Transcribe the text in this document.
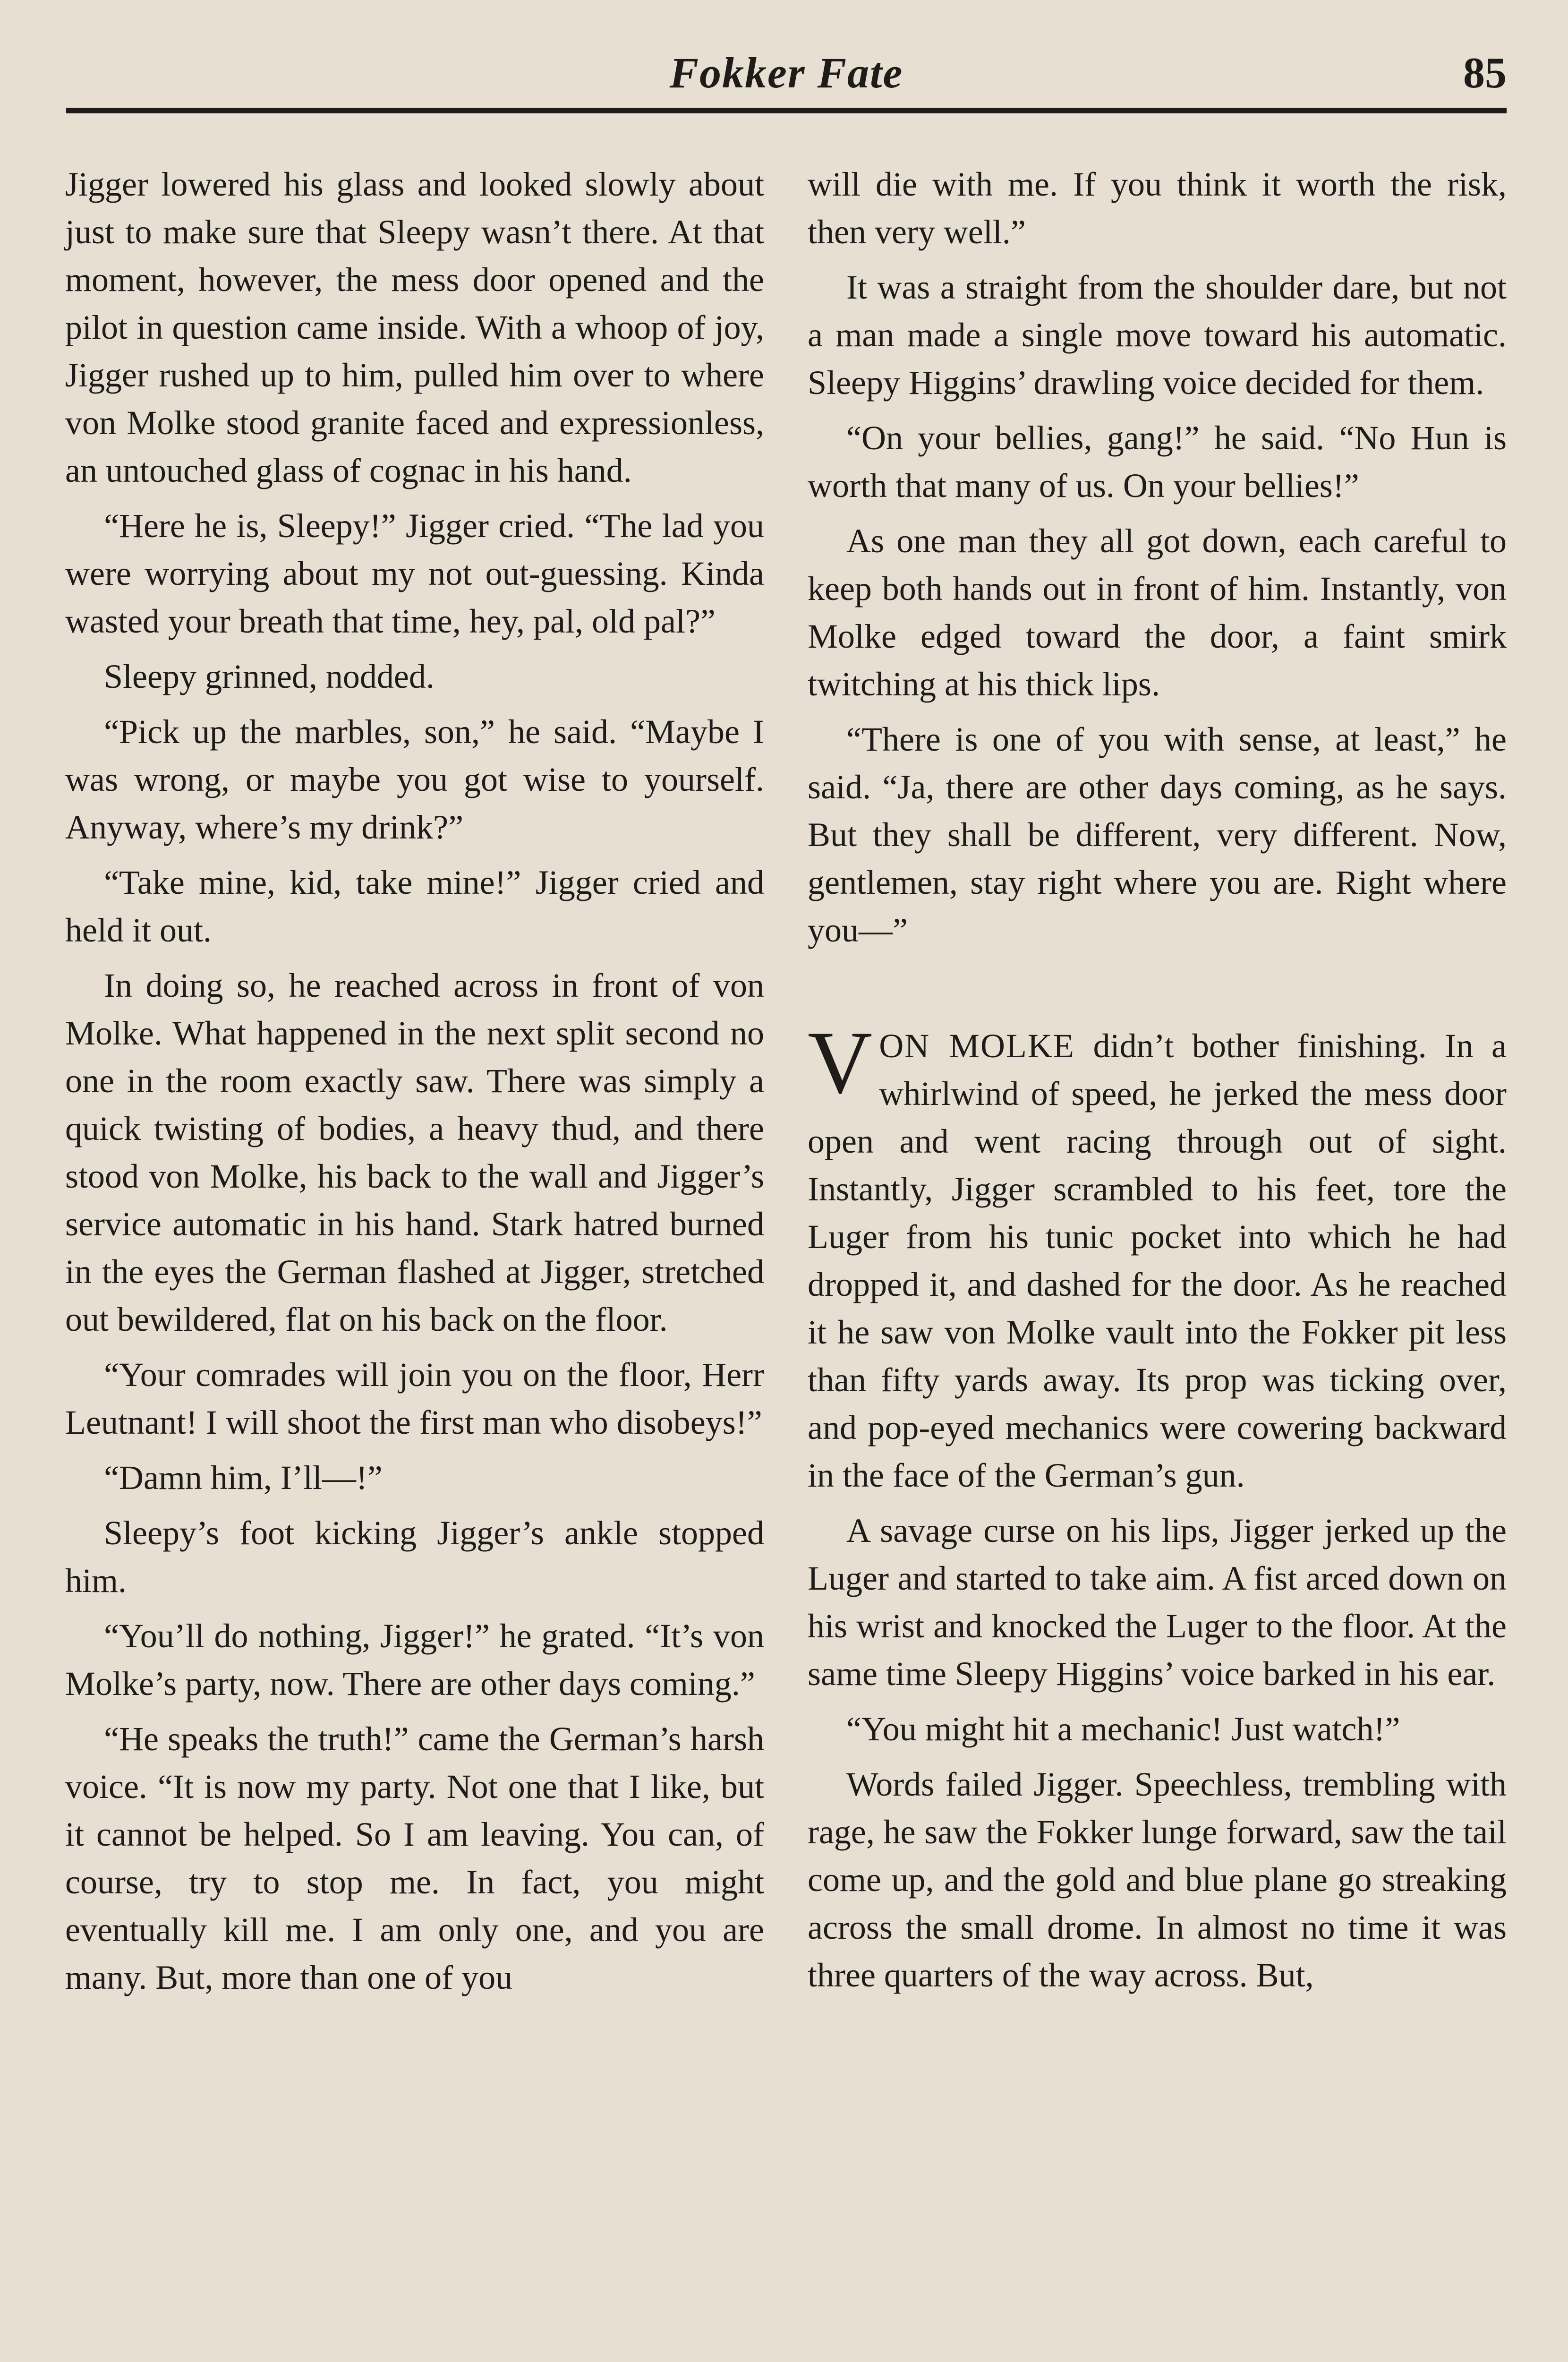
Fokker Fate	85

Jigger lowered his glass and looked slowly about just to make sure that Sleepy wasn’t there. At that moment, however, the mess door opened and the pilot in question came inside. With a whoop of joy, Jigger rushed up to him, pulled him over to where von Molke stood granite faced and expressionless, an untouched glass of cognac in his hand.

“Here he is, Sleepy!” Jigger cried. “The lad you were worrying about my not out-guessing. Kinda wasted your breath that time, hey, pal, old pal?”

Sleepy grinned, nodded.

“Pick up the marbles, son,” he said. “Maybe I was wrong, or maybe you got wise to yourself. Anyway, where’s my drink?”

“Take mine, kid, take mine!” Jigger cried and held it out.

In doing so, he reached across in front of von Molke. What happened in the next split second no one in the room exactly saw. There was simply a quick twisting of bodies, a heavy thud, and there stood von Molke, his back to the wall and Jigger’s service automatic in his hand. Stark hatred burned in the eyes the German flashed at Jigger, stretched out bewildered, flat on his back on the floor.

“Your comrades will join you on the floor, Herr Leutnant! I will shoot the first man who disobeys!”

“Damn him, I’ll—!”

Sleepy’s foot kicking Jigger’s ankle stopped him.

“You’ll do nothing, Jigger!” he grated. “It’s von Molke’s party, now. There are other days coming.”

“He speaks the truth!” came the German’s harsh voice. “It is now my party. Not one that I like, but it cannot be helped. So I am leaving. You can, of course, try to stop me. In fact, you might eventually kill me. I am only one, and you are many. But, more than one of you

will die with me. If you think it worth the risk, then very well.”

It was a straight from the shoulder dare, but not a man made a single move toward his automatic. Sleepy Higgins’ drawling voice decided for them.

“On your bellies, gang!” he said. “No Hun is worth that many of us. On your bellies!”

As one man they all got down, each careful to keep both hands out in front of him. Instantly, von Molke edged toward the door, a faint smirk twitching at his thick lips.

“There is one of you with sense, at least,” he said. “Ja, there are other days coming, as he says. But they shall be different, very different. Now, gentlemen, stay right where you are. Right where you—”

VON MOLKE didn’t bother finishing. In a whirlwind of speed, he jerked the mess door open and went racing through out of sight. Instantly, Jigger scrambled to his feet, tore the Luger from his tunic pocket into which he had dropped it, and dashed for the door. As he reached it he saw von Molke vault into the Fokker pit less than fifty yards away. Its prop was ticking over, and pop-eyed mechanics were cowering backward in the face of the German’s gun.

A savage curse on his lips, Jigger jerked up the Luger and started to take aim. A fist arced down on his wrist and knocked the Luger to the floor. At the same time Sleepy Higgins’ voice barked in his ear.

“You might hit a mechanic! Just watch!”

Words failed Jigger. Speechless, trembling with rage, he saw the Fokker lunge forward, saw the tail come up, and the gold and blue plane go streaking across the small drome. In almost no time it was three quarters of the way across. But,
